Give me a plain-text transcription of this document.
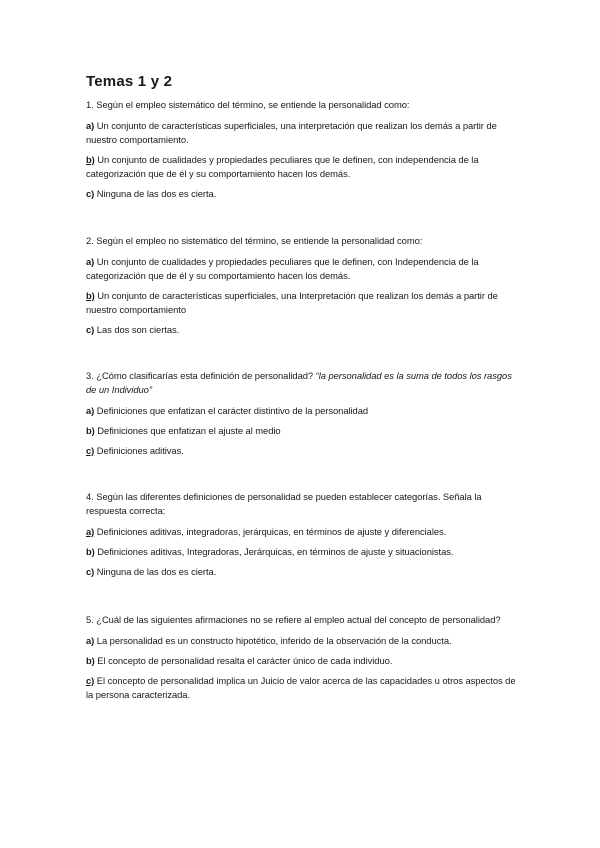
Temas 1 y 2

1. Según el empleo sistemático del término, se entiende la personalidad como:

a) Un conjunto de características superficiales, una interpretación que realizan los demás a partir de nuestro comportamiento.

b) Un conjunto de cualidades y propiedades peculiares que le definen, con independencia de la categorización que de él y su comportamiento hacen los demás.

c) Ninguna de las dos es cierta.

2. Según el empleo no sistemático del término, se entiende la personalidad como:

a) Un conjunto de cualidades y propiedades peculiares que le definen, con Independencia de la categorización que de él y su comportamiento hacen los demás.

b) Un conjunto de características superficiales, una Interpretación que realizan los demás a partir de nuestro comportamiento

c) Las dos son ciertas.

3. ¿Cómo clasificarías esta definición de personalidad? “la personalidad es la suma de todos los rasgos de un Individuo”

a) Definiciones que enfatizan el carácter distintivo de la personalidad

b) Definiciones que enfatizan el ajuste al medio

c) Definiciones aditivas.

4. Según las diferentes definiciones de personalidad se pueden establecer categorías. Señala la respuesta correcta:

a) Definiciones aditivas, integradoras, jerárquicas, en términos de ajuste y diferenciales.

b) Definiciones aditivas, Integradoras, Jerárquicas, en términos de ajuste y situacionistas.

c) Ninguna de las dos es cierta.

5. ¿Cuál de las siguientes afirmaciones no se refiere al empleo actual del concepto de personalidad?

a) La personalidad es un constructo hipotético, inferido de la observación de la conducta.

b) El concepto de personalidad resalta el carácter único de cada individuo.

c) El concepto de personalidad implica un Juicio de valor acerca de las capacidades u otros aspectos de la persona caracterizada.
